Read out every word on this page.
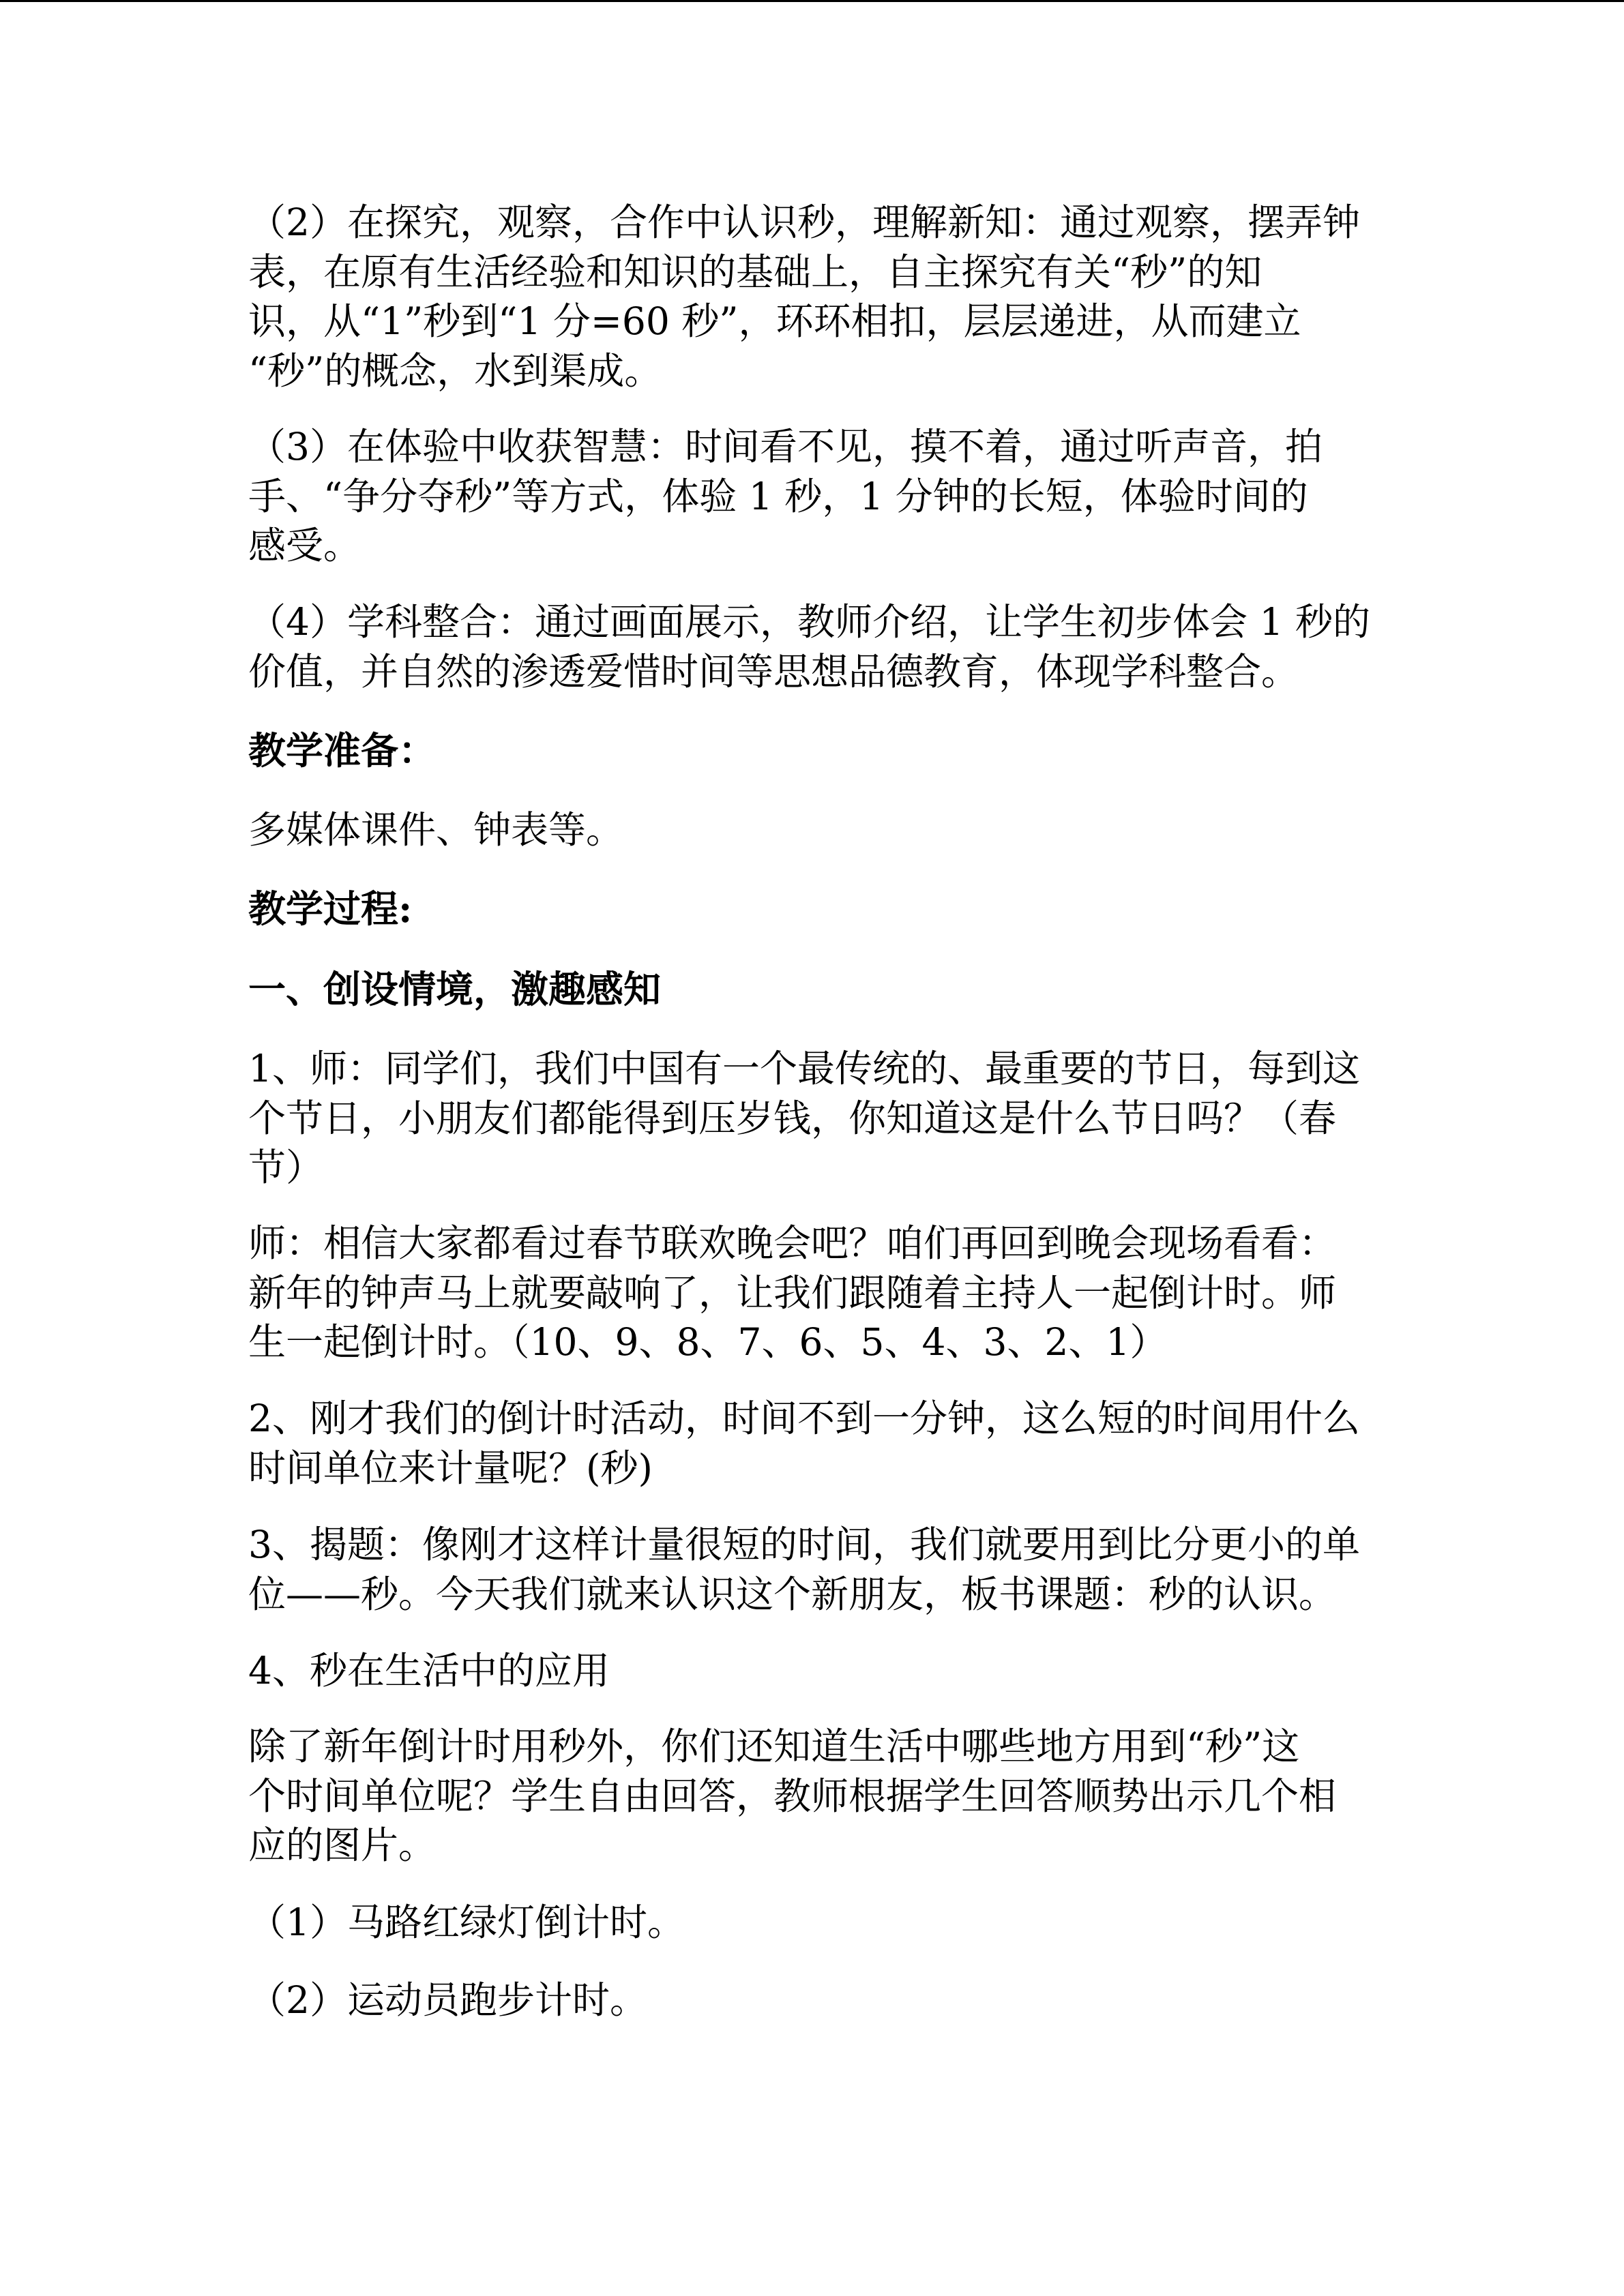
（2）在探究，观察，合作中认识秒，理解新知：通过观察，摆弄钟
表，在原有生活经验和知识的基础上，自主探究有关“秒”的知
识，从“1”秒到“1 分=60 秒”，环环相扣，层层递进，从而建立
“秒”的概念，水到渠成。
（3）在体验中收获智慧：时间看不见，摸不着，通过听声音，拍
手、“争分夺秒”等方式，体验 1 秒，1 分钟的长短，体验时间的
感受。
（4）学科整合：通过画面展示，教师介绍，让学生初步体会 1 秒的
价值，并自然的渗透爱惜时间等思想品德教育，体现学科整合。
教学准备：
多媒体课件、钟表等。
教学过程:
一、创设情境，激趣感知
1、师：同学们，我们中国有一个最传统的、最重要的节日，每到这
个节日，小朋友们都能得到压岁钱，你知道这是什么节日吗？（春
节）
师：相信大家都看过春节联欢晚会吧？咱们再回到晚会现场看看：
新年的钟声马上就要敲响了，让我们跟随着主持人一起倒计时。师
生一起倒计时。（10、9、8、7、6、5、4、3、2、1）
2、刚才我们的倒计时活动，时间不到一分钟，这么短的时间用什么
时间单位来计量呢？(秒)
3、揭题：像刚才这样计量很短的时间，我们就要用到比分更小的单
位——秒。今天我们就来认识这个新朋友，板书课题：秒的认识。
4、秒在生活中的应用
除了新年倒计时用秒外，你们还知道生活中哪些地方用到“秒”这
个时间单位呢？学生自由回答，教师根据学生回答顺势出示几个相
应的图片。
（1）马路红绿灯倒计时。
（2）运动员跑步计时。
